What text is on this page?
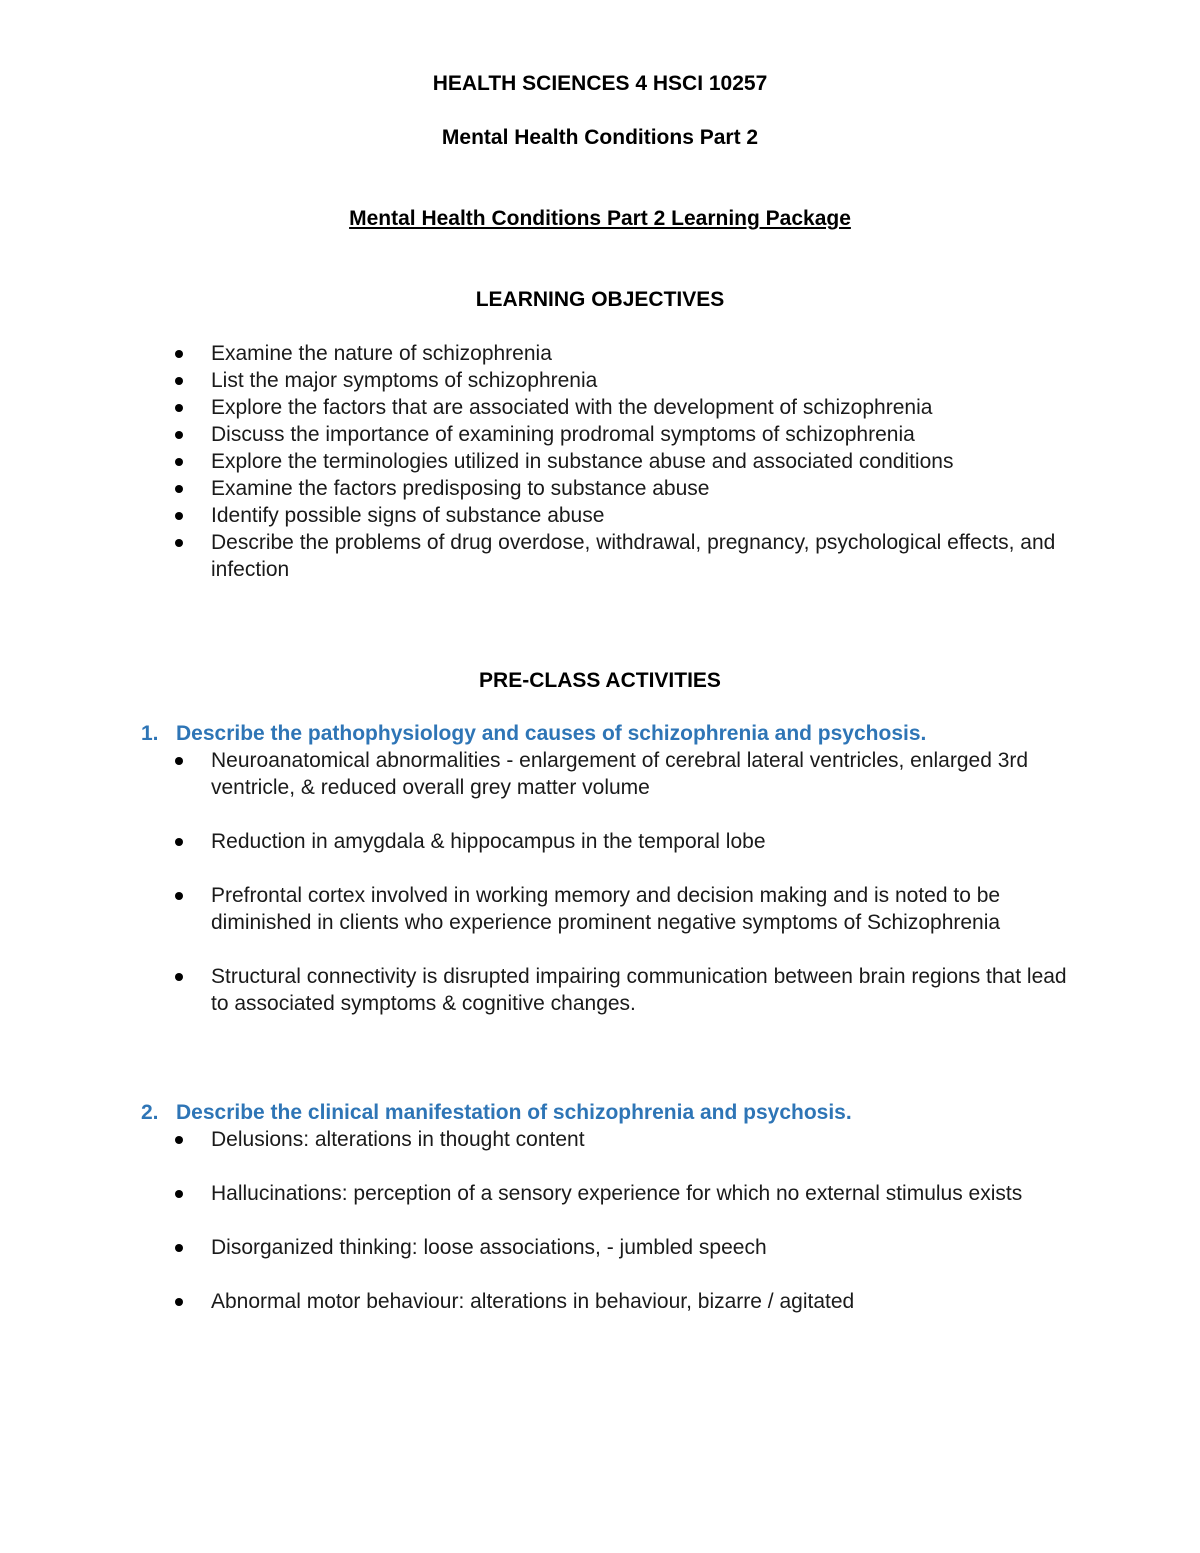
HEALTH SCIENCES 4 HSCI 10257
Mental Health Conditions Part 2
Mental Health Conditions Part 2 Learning Package
LEARNING OBJECTIVES
Examine the nature of schizophrenia
List the major symptoms of schizophrenia
Explore the factors that are associated with the development of schizophrenia
Discuss the importance of examining prodromal symptoms of schizophrenia
Explore the terminologies utilized in substance abuse and associated conditions
Examine the factors predisposing to substance abuse
Identify possible signs of substance abuse
Describe the problems of drug overdose, withdrawal, pregnancy, psychological effects, and infection
PRE-CLASS ACTIVITIES
1. Describe the pathophysiology and causes of schizophrenia and psychosis.
Neuroanatomical abnormalities - enlargement of cerebral lateral ventricles, enlarged 3rd ventricle, & reduced overall grey matter volume
Reduction in amygdala & hippocampus in the temporal lobe
Prefrontal cortex involved in working memory and decision making and is noted to be diminished in clients who experience prominent negative symptoms of Schizophrenia
Structural connectivity is disrupted impairing communication between brain regions that lead to associated symptoms & cognitive changes.
2. Describe the clinical manifestation of schizophrenia and psychosis.
Delusions: alterations in thought content
Hallucinations: perception of a sensory experience for which no external stimulus exists
Disorganized thinking: loose associations, - jumbled speech
Abnormal motor behaviour: alterations in behaviour, bizarre / agitated
